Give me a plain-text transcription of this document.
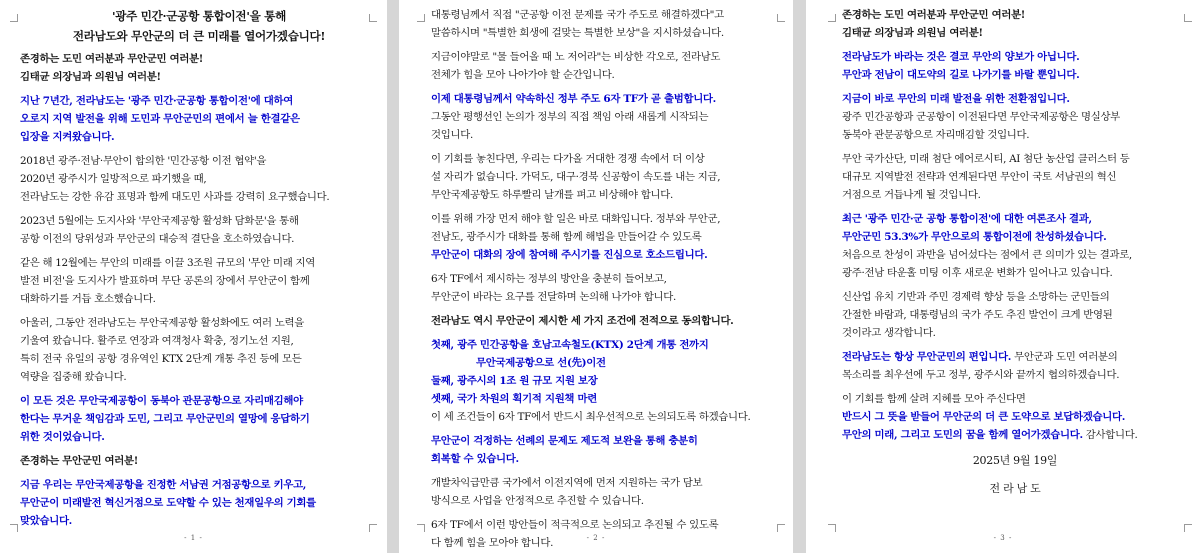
'광주 민간·군공항 통합이전'을 통해
전라남도와 무안군의 더 큰 미래를 열어가겠습니다!

존경하는 도민 여러분과 무안군민 여러분!
김태균 의장님과 의원님 여러분!

지난 7년간, 전라남도는 '광주 민간·군공항 통합이전'에 대하여
오로지 지역 발전을 위해 도민과 무안군민의 편에서 늘 한결같은
입장을 지켜왔습니다.

2018년 광주·전남·무안이 합의한 '민간공항 이전 협약'을
2020년 광주시가 일방적으로 파기했을 때,
전라남도는 강한 유감 표명과 함께 대도민 사과를 강력히 요구했습니다.

2023년 5월에는 도지사와 '무안국제공항 활성화 담화문'을 통해
공항 이전의 당위성과 무안군의 대승적 결단을 호소하였습니다.

같은 해 12월에는 무안의 미래를 이끌 3조원 규모의 '무안 미래 지역
발전 비전'을 도지사가 발표하며 무단 공론의 장에서 무안군이 함께
대화하기를 거듭 호소했습니다.

아울러, 그동안 전라남도는 무안국제공항 활성화에도 여러 노력을
기울여 왔습니다. 활주로 연장과 여객청사 확충, 정기노선 지원,
특히 전국 유일의 공항 경유역인 KTX 2단계 개통 추진 등에 모든
역량을 집중해 왔습니다.

이 모든 것은 무안국제공항이 동북아 관문공항으로 자리매김해야
한다는 무거운 책임감과 도민, 그리고 무안군민의 열망에 응답하기
위한 것이었습니다.

존경하는 무안군민 여러분!

지금 우리는 무안국제공항을 진정한 서남권 거점공항으로 키우고,
무안군이 미래발전 혁신거점으로 도약할 수 있는 천재일우의 기회를
맞았습니다.

- 1 -

대통령님께서 직접 "군공항 이전 문제를 국가 주도로 해결하겠다"고
말씀하시며 "특별한 희생에 걸맞는 특별한 보상"을 지시하셨습니다.

지금이야말로 "물 들어올 때 노 저어라"는 비상한 각오로, 전라남도
전체가 힘을 모아 나아가야 할 순간입니다.

이제 대통령님께서 약속하신 정부 주도 6자 TF가 곧 출범합니다.
그동안 평행선인 논의가 정부의 직접 책임 아래 새롭게 시작되는
것입니다.

이 기회를 놓친다면, 우리는 다가올 거대한 경쟁 속에서 더 이상
설 자리가 없습니다. 가덕도, 대구·경북 신공항이 속도를 내는 지금,
무안국제공항도 하루빨리 날개를 펴고 비상해야 합니다.

이를 위해 가장 먼저 해야 할 일은 바로 대화입니다. 정부와 무안군,
전남도, 광주시가 대화를 통해 함께 해법을 만들어갈 수 있도록
무안군이 대화의 장에 참여해 주시기를 진심으로 호소드립니다.

6자 TF에서 제시하는 정부의 방안을 충분히 들어보고,
무안군이 바라는 요구를 전달하며 논의해 나가야 합니다.

전라남도 역시 무안군이 제시한 세 가지 조건에 전적으로 동의합니다.

첫째, 광주 민간공항을 호남고속철도(KTX) 2단계 개통 전까지
무안국제공항으로 선(先)이전
둘째, 광주시의 1조 원 규모 지원 보장
셋째, 국가 차원의 획기적 지원책 마련

이 세 조건들이 6자 TF에서 반드시 최우선적으로 논의되도록 하겠습니다.

무안군이 걱정하는 선례의 문제도 제도적 보완을 통해 충분히
회복할 수 있습니다.

개발차익급만큼 국가에서 이전지역에 먼저 지원하는 국가 담보
방식으로 사업을 안정적으로 추진할 수 있습니다.

6자 TF에서 이런 방안들이 적극적으로 논의되고 추진될 수 있도록
다 함께 힘을 모아야 합니다.	- 2 -

존경하는 도민 여러분과 무안군민 여러분!
김태균 의장님과 의원님 여러분!

전라남도가 바라는 것은 결코 무안의 양보가 아닙니다.
무안과 전남이 대도약의 길로 나가기를 바랄 뿐입니다.

지금이 바로 무안의 미래 발전을 위한 전환점입니다.
광주 민간공항과 군공항이 이전된다면 무안국제공항은 명실상부
동북아 관문공항으로 자리매김할 것입니다.

무안 국가산단, 미래 첨단 에어로시티, AI 첨단 농산업 클러스터 등
대규모 지역발전 전략과 연계된다면 무안이 국토 서남권의 혁신
거점으로 거듭나게 될 것입니다.

최근 '광주 민간·군 공항 통합이전'에 대한 여론조사 결과,
무안군민 53.3%가 무안으로의 통합이전에 찬성하셨습니다.
처음으로 찬성이 과반을 넘어섰다는 점에서 큰 의미가 있는 결과로,
광주·전남 타운홀 미팅 이후 새로운 변화가 일어나고 있습니다.

신산업 유치 기반과 주민 경제력 향상 등을 소망하는 군민들의
간절한 바람과, 대통령님의 국가 주도 추진 발언이 크게 반영된
것이라고 생각합니다.

전라남도는 항상 무안군민의 편입니다. 무안군과 도민 여러분의
목소리를 최우선에 두고 정부, 광주시와 끝까지 협의하겠습니다.

이 기회를 함께 살려 지혜를 모아 주신다면

반드시 그 뜻을 받들어 무안군의 더 큰 도약으로 보답하겠습니다.
무안의 미래, 그리고 도민의 꿈을 함께 열어가겠습니다. 감사합니다.

2025년 9월 19일

전 라 남 도

- 3 -
